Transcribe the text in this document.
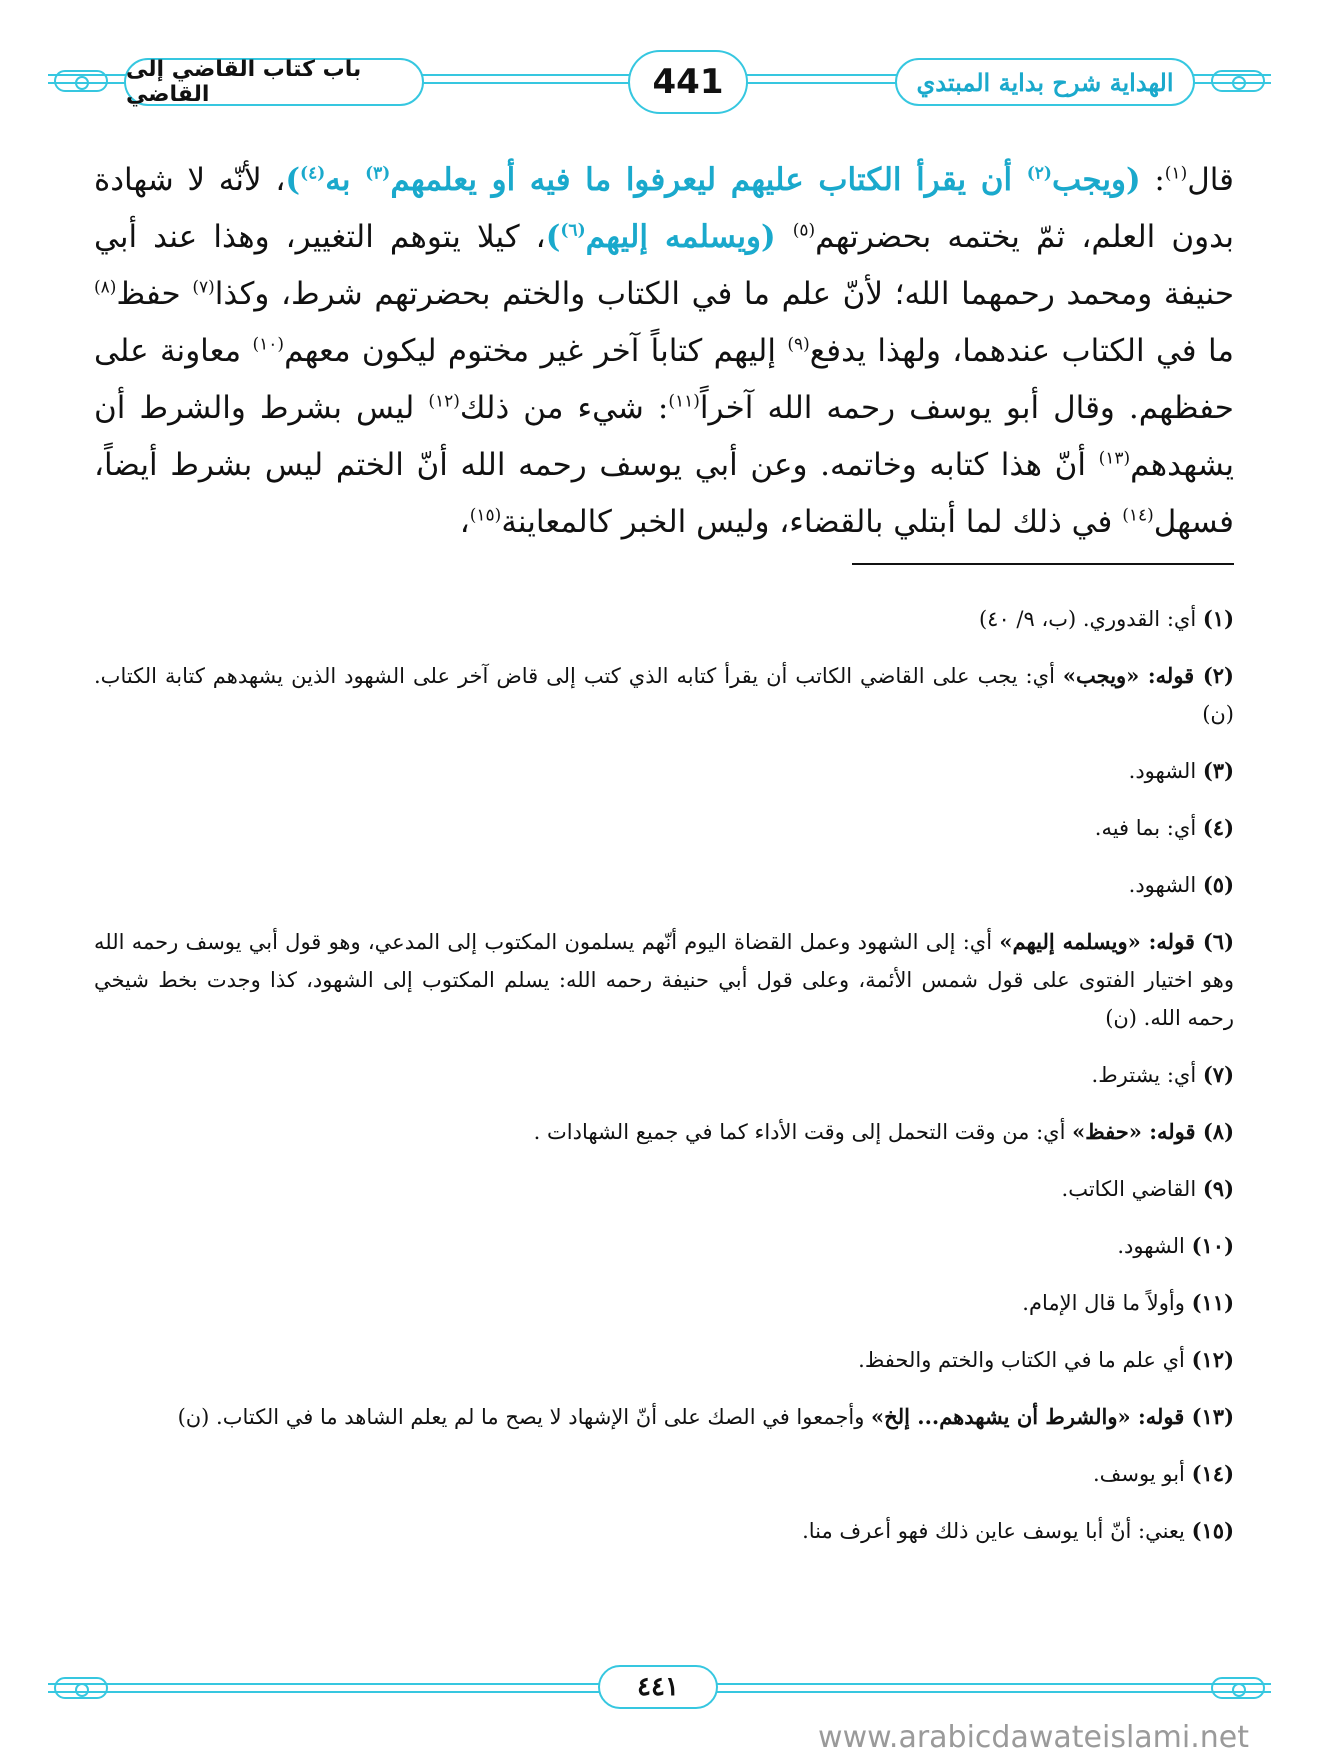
باب كتاب القاضي إلى القاضي	441	الهداية شرح بداية المبتدي

قال$^{(١)}$: (ويجب$^{(٢)}$ أن يقرأ الكتاب عليهم ليعرفوا ما فيه أو يعلمهم$^{(٣)}$ به$^{(٤)}$)، لأنّه لا شهادة بدون العلم، ثمّ يختمه بحضرتهم$^{(٥)}$ (ويسلمه إليهم$^{(٦)}$)، كيلا يتوهم التغيير، وهذا عند أبي حنيفة ومحمد رحمهما الله؛ لأنّ علم ما في الكتاب والختم بحضرتهم شرط، وكذا$^{(٧)}$ حفظ$^{(٨)}$ ما في الكتاب عندهما، ولهذا يدفع$^{(٩)}$ إليهم كتاباً آخر غير مختوم ليكون معهم$^{(١٠)}$ معاونة على حفظهم. وقال أبو يوسف رحمه الله آخراً$^{(١١)}$: شيء من ذلك$^{(١٢)}$ ليس بشرط والشرط أن يشهدهم$^{(١٣)}$ أنّ هذا كتابه وخاتمه. وعن أبي يوسف رحمه الله أنّ الختم ليس بشرط أيضاً، فسهل$^{(١٤)}$ في ذلك لما أبتلي بالقضاء، وليس الخبر كالمعاينة$^{(١٥)}$،

(١) أي: القدوري. (ب، ٩/ ٤٠)

(٢) قوله: «ويجب» أي: يجب على القاضي الكاتب أن يقرأ كتابه الذي كتب إلى قاض آخر على الشهود الذين يشهدهم كتابة الكتاب. (ن)

(٣) الشهود.

(٤) أي: بما فيه.

(٥) الشهود.

(٦) قوله: «ويسلمه إليهم» أي: إلى الشهود وعمل القضاة اليوم أنّهم يسلمون المكتوب إلى المدعي، وهو قول أبي يوسف رحمه الله وهو اختيار الفتوى على قول شمس الأئمة، وعلى قول أبي حنيفة رحمه الله: يسلم المكتوب إلى الشهود، كذا وجدت بخط شيخي رحمه الله. (ن)

(٧) أي: يشترط.

(٨) قوله: «حفظ» أي: من وقت التحمل إلى وقت الأداء كما في جميع الشهادات .

(٩) القاضي الكاتب.

(١٠) الشهود.

(١١) وأولاً ما قال الإمام.

(١٢) أي علم ما في الكتاب والختم والحفظ.

(١٣) قوله: «والشرط أن يشهدهم... إلخ» وأجمعوا في الصك على أنّ الإشهاد لا يصح ما لم يعلم الشاهد ما في الكتاب. (ن)

(١٤) أبو يوسف.

(١٥) يعني: أنّ أبا يوسف عاين ذلك فهو أعرف منا.

٤٤١
www.arabicdawateislami.net
